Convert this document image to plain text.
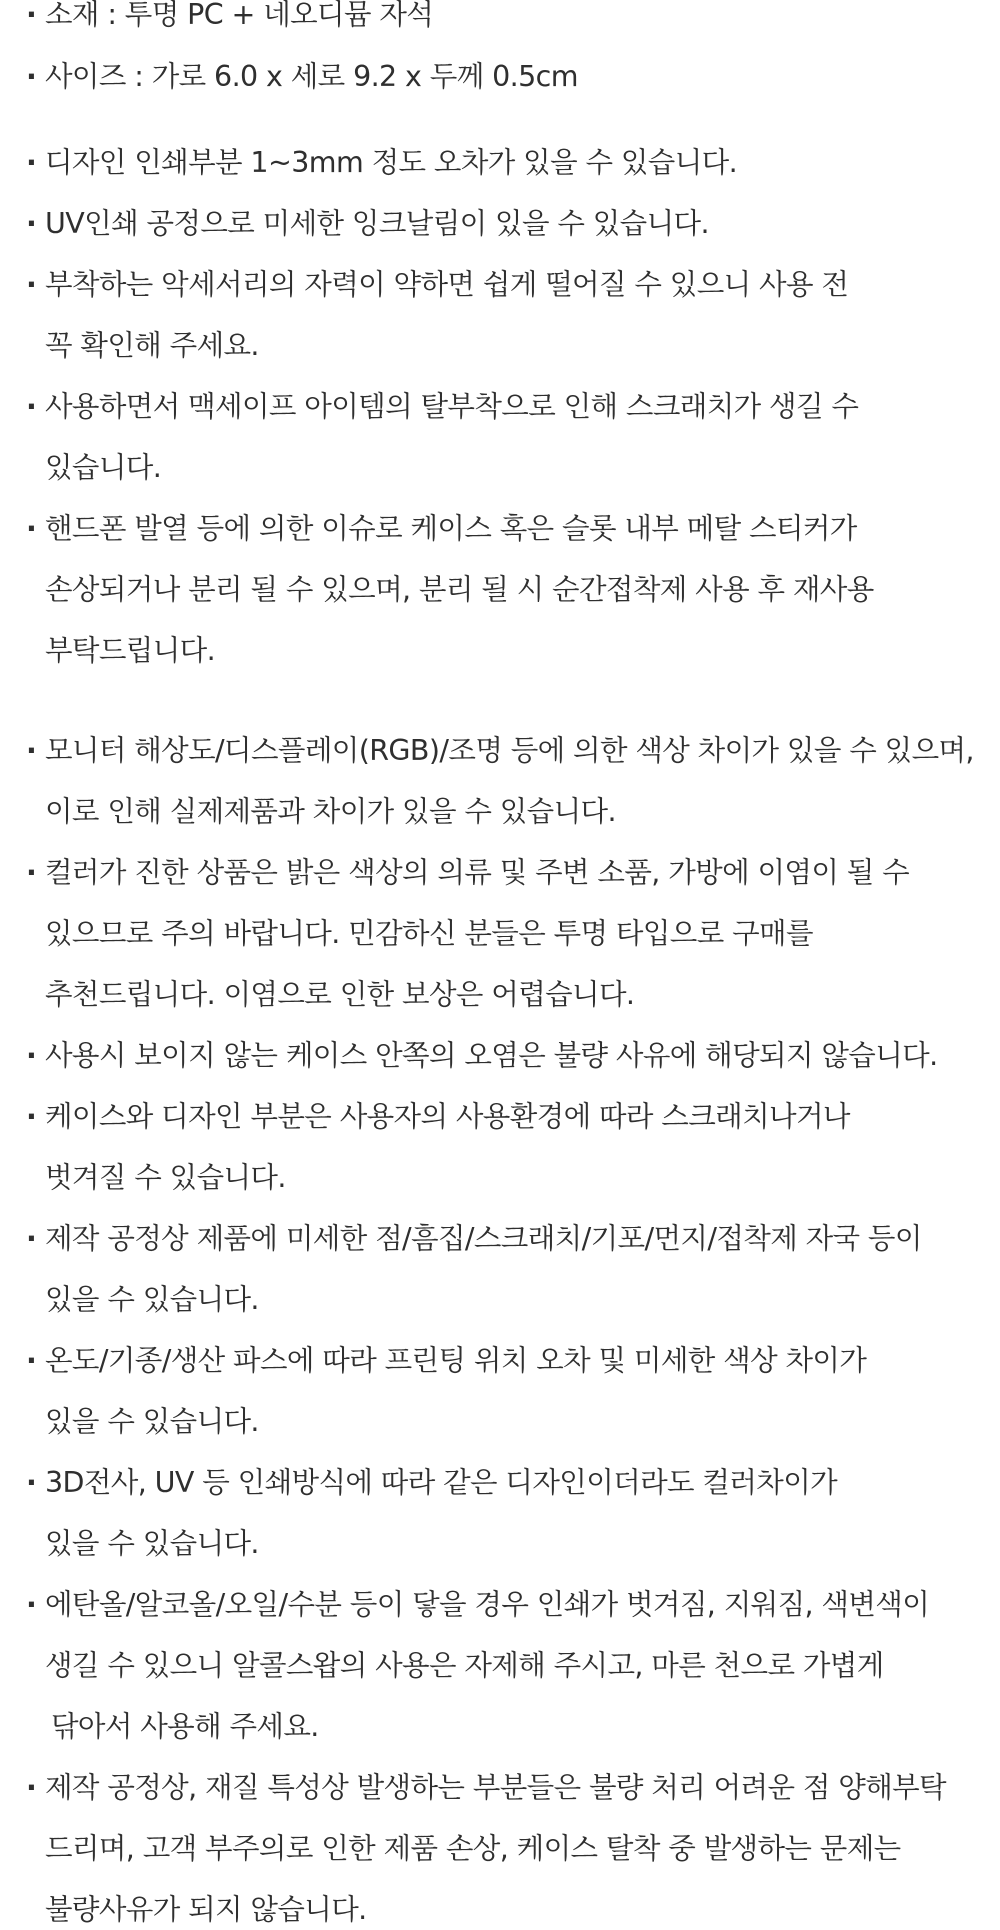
· 소재 : 투명 PC + 네오디뮴 자석
· 사이즈 : 가로 6.0 x 세로 9.2 x 두께 0.5cm
· 디자인 인쇄부분 1~3mm 정도 오차가 있을 수 있습니다.
· UV인쇄 공정으로 미세한 잉크날림이 있을 수 있습니다.
· 부착하는 악세서리의 자력이 약하면 쉽게 떨어질 수 있으니 사용 전
꼭 확인해 주세요.
· 사용하면서 맥세이프 아이템의 탈부착으로 인해 스크래치가 생길 수
있습니다.
· 핸드폰 발열 등에 의한 이슈로 케이스 혹은 슬롯 내부 메탈 스티커가
손상되거나 분리 될 수 있으며, 분리 될 시 순간접착제 사용 후 재사용
부탁드립니다.
· 모니터 해상도/디스플레이(RGB)/조명 등에 의한 색상 차이가 있을 수 있으며,
이로 인해 실제제품과 차이가 있을 수 있습니다.
· 컬러가 진한 상품은 밝은 색상의 의류 및 주변 소품, 가방에 이염이 될 수
있으므로 주의 바랍니다. 민감하신 분들은 투명 타입으로 구매를
추천드립니다. 이염으로 인한 보상은 어렵습니다.
· 사용시 보이지 않는 케이스 안쪽의 오염은 불량 사유에 해당되지 않습니다.
· 케이스와 디자인 부분은 사용자의 사용환경에 따라 스크래치나거나
벗겨질 수 있습니다.
· 제작 공정상 제품에 미세한 점/흠집/스크래치/기포/먼지/접착제 자국 등이
있을 수 있습니다.
· 온도/기종/생산 파스에 따라 프린팅 위치 오차 및 미세한 색상 차이가
있을 수 있습니다.
· 3D전사, UV 등 인쇄방식에 따라 같은 디자인이더라도 컬러차이가
있을 수 있습니다.
· 에탄올/알코올/오일/수분 등이 닿을 경우 인쇄가 벗겨짐, 지워짐, 색변색이
생길 수 있으니 알콜스왑의 사용은 자제해 주시고, 마른 천으로 가볍게
닦아서 사용해 주세요.
· 제작 공정상, 재질 특성상 발생하는 부분들은 불량 처리 어려운 점 양해부탁
드리며, 고객 부주의로 인한 제품 손상, 케이스 탈착 중 발생하는 문제는
불량사유가 되지 않습니다.
